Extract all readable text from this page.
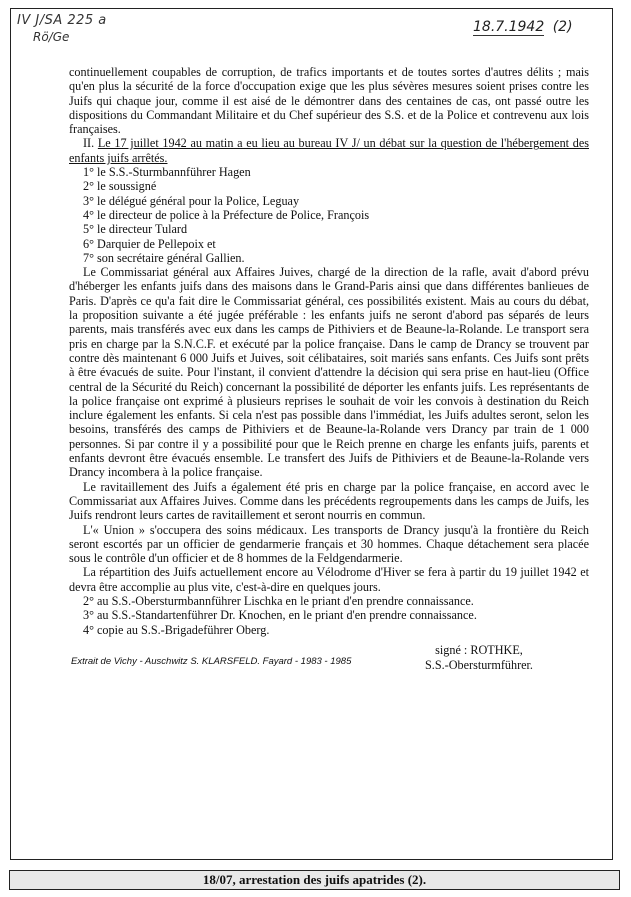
IV J/SA 225 a
Rö/Ge
18.7.1942 (2)

continuellement coupables de corruption, de trafics importants et de toutes sortes d'autres délits ; mais qu'en plus la sécurité de la force d'occupation exige que les plus sévères mesures soient prises contre les Juifs qui chaque jour, comme il est aisé de le démontrer dans des centaines de cas, ont passé outre les dispositions du Commandant Militaire et du Chef supérieur des S.S. et de la Police et contrevenu aux lois françaises.

II. Le 17 juillet 1942 au matin a eu lieu au bureau IV J/ un débat sur la question de l'hébergement des enfants juifs arrêtés.

1° le S.S.-Sturmbannführer Hagen
2° le soussigné
3° le délégué général pour la Police, Leguay
4° le directeur de police à la Préfecture de Police, François
5° le directeur Tulard
6° Darquier de Pellepoix et
7° son secrétaire général Gallien.

Le Commissariat général aux Affaires Juives, chargé de la direction de la rafle, avait d'abord prévu d'héberger les enfants juifs dans des maisons dans le Grand-Paris ainsi que dans différentes banlieues de Paris. D'après ce qu'a fait dire le Commissariat général, ces possibilités existent. Mais au cours du débat, la proposition suivante a été jugée préférable : les enfants juifs ne seront d'abord pas séparés de leurs parents, mais transférés avec eux dans les camps de Pithiviers et de Beaune-la-Rolande. Le transport sera pris en charge par la S.N.C.F. et exécuté par la police française. Dans le camp de Drancy se trouvent par contre dès maintenant 6 000 Juifs et Juives, soit célibataires, soit mariés sans enfants. Ces Juifs sont prêts à être évacués de suite. Pour l'instant, il convient d'attendre la décision qui sera prise en haut-lieu (Office central de la Sécurité du Reich) concernant la possibilité de déporter les enfants juifs. Les représentants de la police française ont exprimé à plusieurs reprises le souhait de voir les convois à destination du Reich inclure également les enfants. Si cela n'est pas possible dans l'immédiat, les Juifs adultes seront, selon les besoins, transférés des camps de Pithiviers et de Beaune-la-Rolande vers Drancy par train de 1 000 personnes. Si par contre il y a possibilité pour que le Reich prenne en charge les enfants juifs, parents et enfants devront être évacués ensemble. Le transfert des Juifs de Pithiviers et de Beaune-la-Rolande vers Drancy incombera à la police française.

Le ravitaillement des Juifs a également été pris en charge par la police française, en accord avec le Commissariat aux Affaires Juives. Comme dans les précédents regroupements dans les camps de Juifs, les Juifs rendront leurs cartes de ravitaillement et seront nourris en commun.

L'« Union » s'occupera des soins médicaux. Les transports de Drancy jusqu'à la frontière du Reich seront escortés par un officier de gendarmerie français et 30 hommes. Chaque détachement sera placée sous le contrôle d'un officier et de 8 hommes de la Feldgendarmerie.

La répartition des Juifs actuellement encore au Vélodrome d'Hiver se fera à partir du 19 juillet 1942 et devra être accomplie au plus vite, c'est-à-dire en quelques jours.

2° au S.S.-Obersturmbannführer Lischka en le priant d'en prendre connaissance.

3° au S.S.-Standartenführer Dr. Knochen, en le priant d'en prendre connaissance.

4° copie au S.S.-Brigadeführer Oberg.

Extrait de Vichy - Auschwitz S. KLARSFELD. Fayard - 1983 - 1985
signé : ROTHKE,
S.S.-Obersturmführer.
18/07, arrestation des juifs apatrides (2).
